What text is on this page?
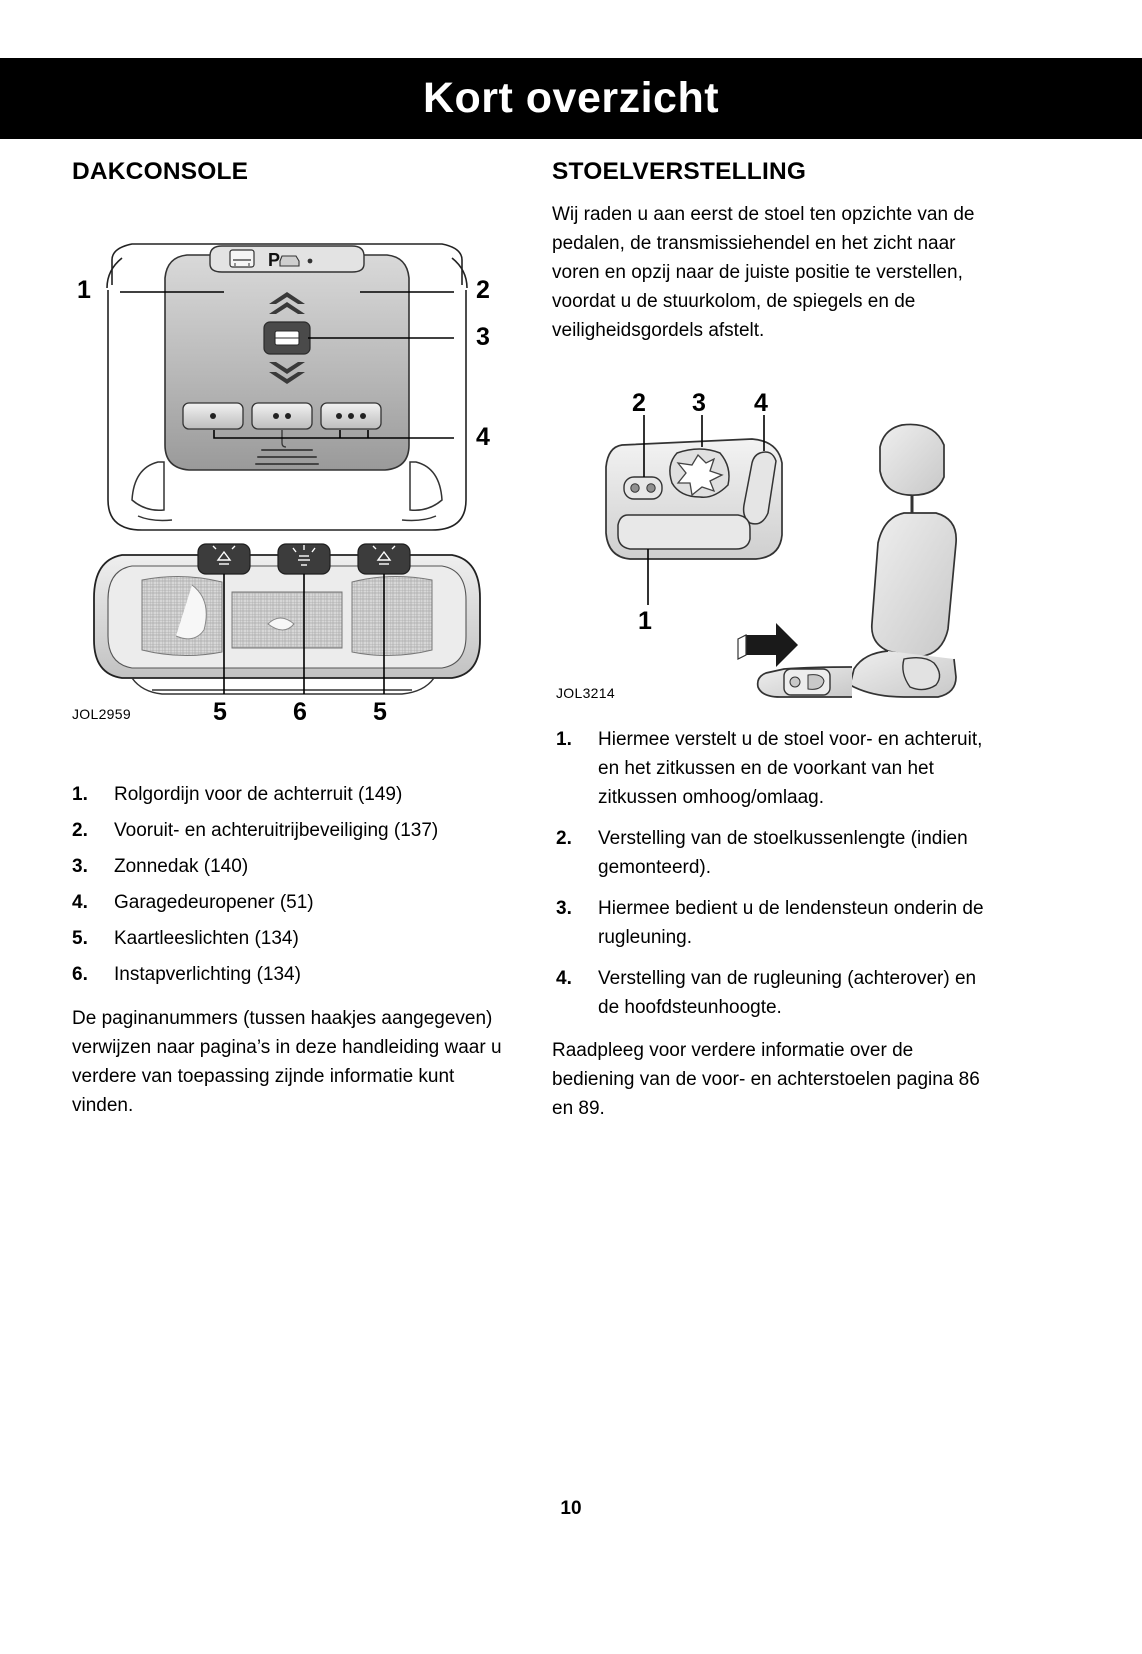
Kort overzicht
DAKCONSOLE
P
1	2
3
4
5	6	5
JOL2959
1.	Rolgordijn voor de achterruit (149)
2.	Vooruit- en achteruitrijbeveiliging (137)
3.	Zonnedak (140)
4.	Garagedeuropener (51)
5.	Kaartleeslichten (134)
6.	Instapverlichting (134)

De paginanummers (tussen haakjes aangegeven) verwijzen naar pagina’s in deze handleiding waar u verdere van toepassing zijnde informatie kunt vinden.

STOELVERSTELLING

Wij raden u aan eerst de stoel ten opzichte van de pedalen, de transmissiehendel en het zicht naar voren en opzij naar de juiste positie te verstellen, voordat u de stuurkolom, de spiegels en de veiligheidsgordels afstelt.

2 3 4
1
JOL3214
1.	Hiermee verstelt u de stoel voor- en achteruit, en het zitkussen en de voorkant van het zitkussen omhoog/omlaag.
2.	Verstelling van de stoelkussenlengte (indien gemonteerd).
3.	Hiermee bedient u de lendensteun onderin de rugleuning.
4.	Verstelling van de rugleuning (achterover) en de hoofdsteunhoogte.

Raadpleeg voor verdere informatie over de bediening van de voor- en achterstoelen pagina 86 en 89.

10
